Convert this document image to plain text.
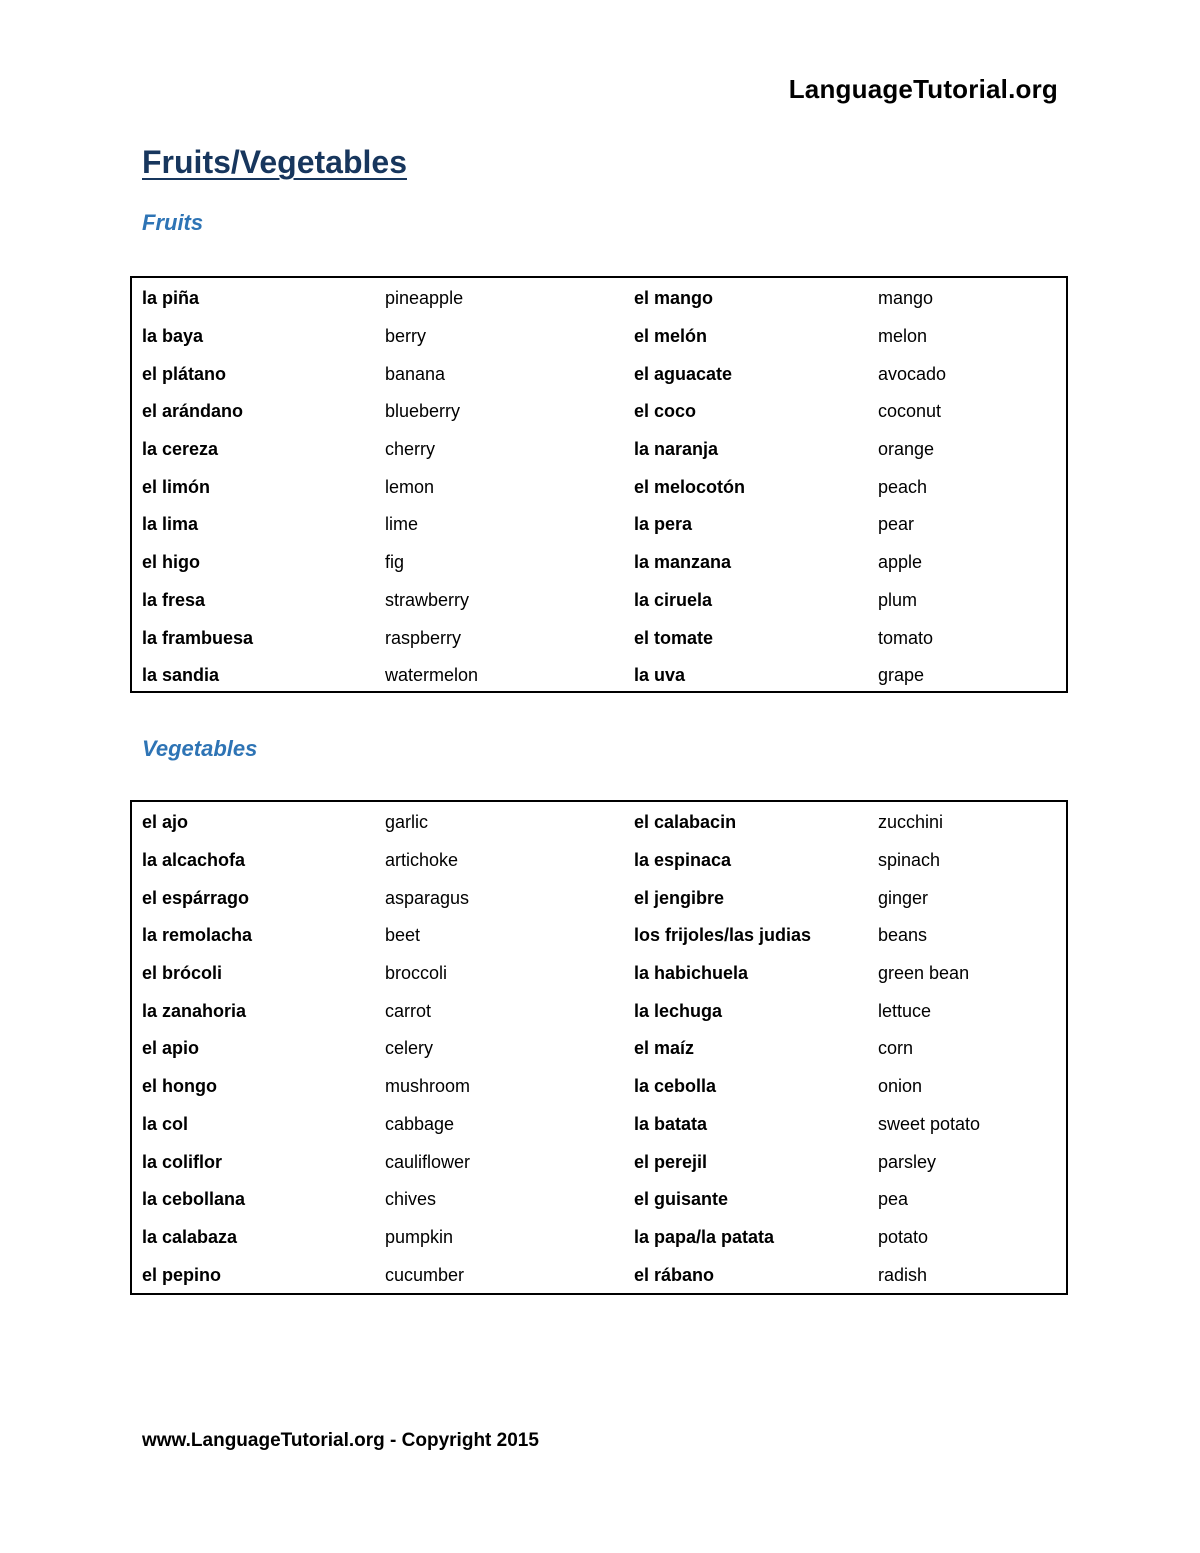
LanguageTutorial.org
Fruits/Vegetables
Fruits
la piña	pineapple	el mango	mango
la baya	berry	el melón	melon
el plátano	banana	el aguacate	avocado
el arándano	blueberry	el coco	coconut
la cereza	cherry	la naranja	orange
el limón	lemon	el melocotón	peach
la lima	lime	la pera	pear
el higo	fig	la manzana	apple
la fresa	strawberry	la ciruela	plum
la frambuesa	raspberry	el tomate	tomato
la sandia	watermelon	la uva	grape
Vegetables
el ajo	garlic	el calabacin	zucchini
la alcachofa	artichoke	la espinaca	spinach
el espárrago	asparagus	el jengibre	ginger
la remolacha	beet	los frijoles/las judias	beans
el brócoli	broccoli	la habichuela	green bean
la zanahoria	carrot	la lechuga	lettuce
el apio	celery	el maíz	corn
el hongo	mushroom	la cebolla	onion
la col	cabbage	la batata	sweet potato
la coliflor	cauliflower	el perejil	parsley
la cebollana	chives	el guisante	pea
la calabaza	pumpkin	la papa/la patata	potato
el pepino	cucumber	el rábano	radish
www.LanguageTutorial.org - Copyright 2015
